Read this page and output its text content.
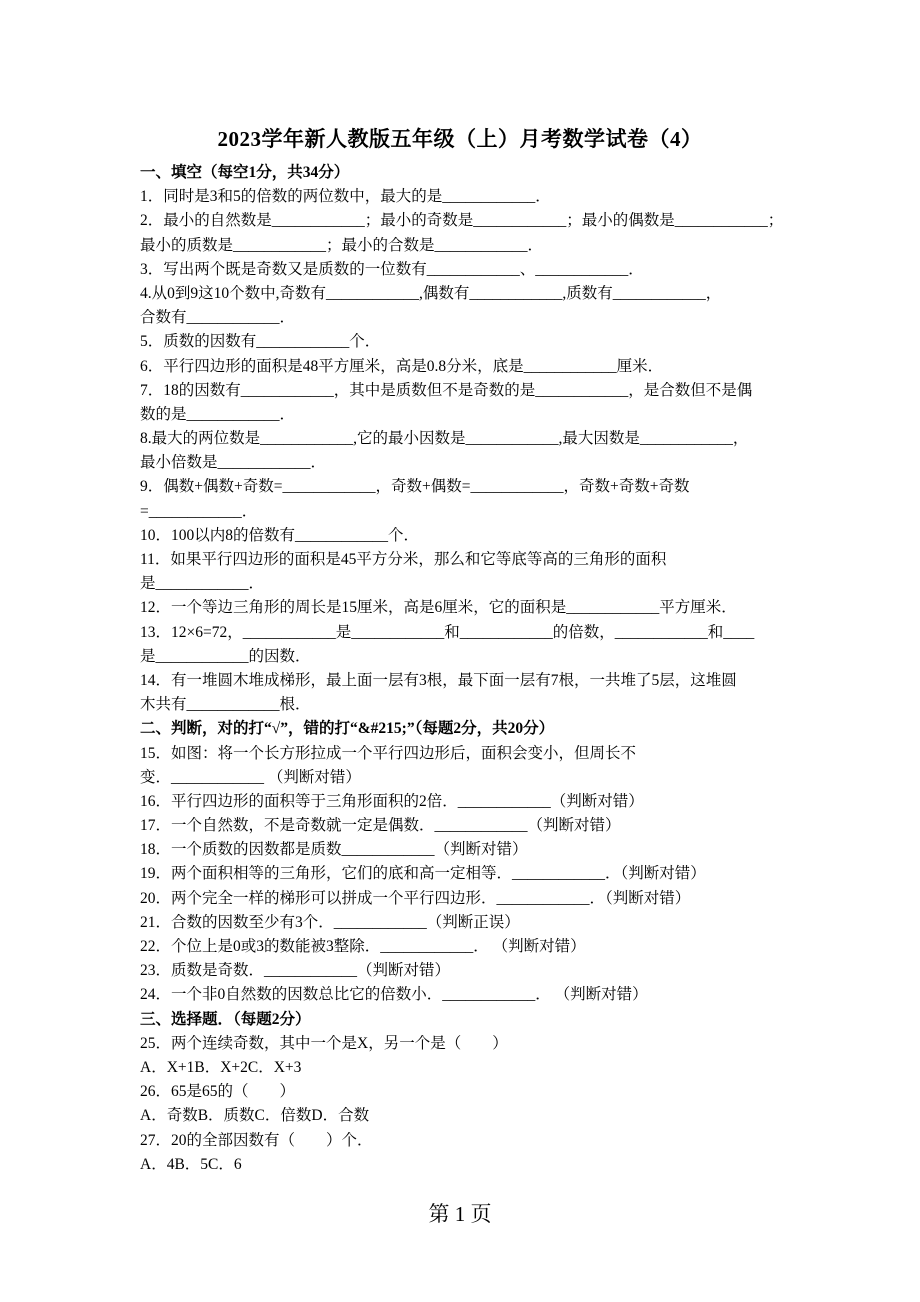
2023学年新人教版五年级（上）月考数学试卷（4）
一、填空（每空1分，共34分）
1．同时是3和5的倍数的两位数中，最大的是____________．
2．最小的自然数是____________；最小的奇数是____________；最小的偶数是____________；
最小的质数是____________；最小的合数是____________．
3．写出两个既是奇数又是质数的一位数有____________、____________．
4.从0到9这10个数中,奇数有____________,偶数有____________,质数有____________，
合数有____________．
5．质数的因数有____________个．
6．平行四边形的面积是48平方厘米，高是0.8分米，底是____________厘米．
7．18的因数有____________，其中是质数但不是奇数的是____________，是合数但不是偶
数的是____________．
8.最大的两位数是____________,它的最小因数是____________,最大因数是____________，
最小倍数是____________．
9．偶数+偶数+奇数=____________，奇数+偶数=____________，奇数+奇数+奇数
=____________．
10．100以内8的倍数有____________个．
11．如果平行四边形的面积是45平方分米，那么和它等底等高的三角形的面积
是____________．
12．一个等边三角形的周长是15厘米，高是6厘米，它的面积是____________平方厘米．
13．12×6=72，____________是____________和____________的倍数，____________和____
是____________的因数．
14．有一堆圆木堆成梯形，最上面一层有3根，最下面一层有7根，一共堆了5层，这堆圆
木共有____________根．
二、判断，对的打“√”，错的打“&#215;”（每题2分，共20分）
15．如图：将一个长方形拉成一个平行四边形后，面积会变小，但周长不
变．____________ （判断对错）
16．平行四边形的面积等于三角形面积的2倍．____________（判断对错）
17．一个自然数，不是奇数就一定是偶数．____________（判断对错）
18．一个质数的因数都是质数____________（判断对错）
19．两个面积相等的三角形，它们的底和高一定相等．____________．（判断对错）
20．两个完全一样的梯形可以拼成一个平行四边形．____________．（判断对错）
21．合数的因数至少有3个．____________（判断正误）
22．个位上是0或3的数能被3整除．____________． （判断对错）
23．质数是奇数．____________（判断对错）
24．一个非0自然数的因数总比它的倍数小．____________． （判断对错）
三、选择题．（每题2分）
25．两个连续奇数，其中一个是X，另一个是（　　）
A．X+1B．X+2C．X+3
26．65是65的（　　）
A．奇数B．质数C．倍数D．合数
27．20的全部因数有（　　）个．
A．4B．5C．6
第 1 页
